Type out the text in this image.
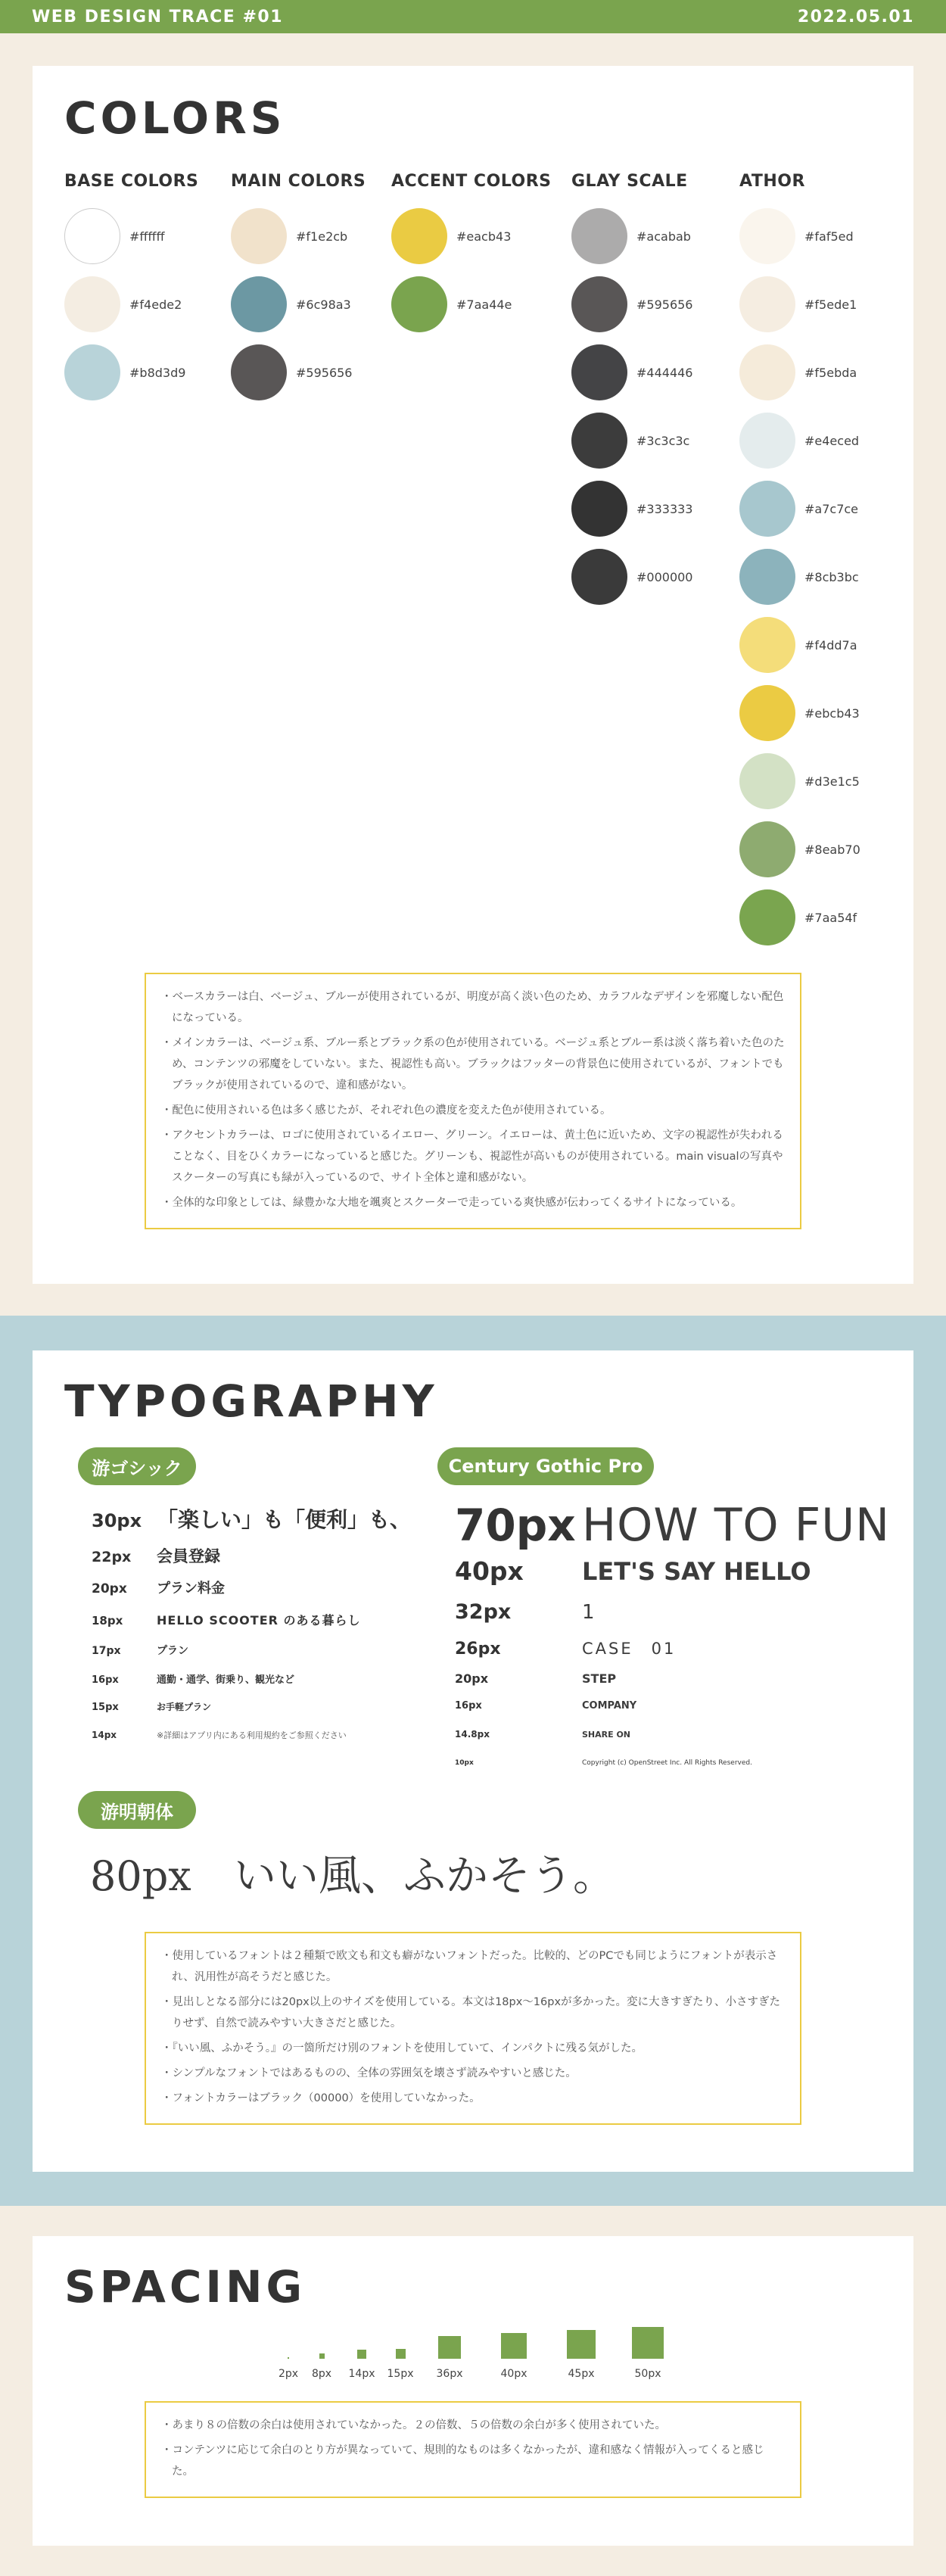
WEB DESIGN TRACE #01	2022.05.01
COLORS
BASE COLORS
#ffffff
#f4ede2
#b8d3d9
MAIN COLORS
#f1e2cb
#6c98a3
#595656
ACCENT COLORS
#eacb43
#7aa44e
GLAY SCALE
#acabab
#595656
#444446
#3c3c3c
#333333
#000000
ATHOR
#faf5ed
#f5ede1
#f5ebda
#e4eced
#a7c7ce
#8cb3bc
#f4dd7a
#ebcb43
#d3e1c5
#8eab70
#7aa54f

・ベースカラーは白、ベージュ、ブルーが使用されているが、明度が高く淡い色のため、カラフルなデザインを邪魔しない配色になっている。

・メインカラーは、ベージュ系、ブルー系とブラック系の色が使用されている。ベージュ系とブルー系は淡く落ち着いた色のため、コンテンツの邪魔をしていない。また、視認性も高い。ブラックはフッターの背景色に使用されているが、フォントでもブラックが使用されているので、違和感がない。

・配色に使用されいる色は多く感じたが、それぞれ色の濃度を変えた色が使用されている。

・アクセントカラーは、ロゴに使用されているイエロー、グリーン。イエローは、黄土色に近いため、文字の視認性が失われることなく、目をひくカラーになっていると感じた。グリーンも、視認性が高いものが使用されている。main visualの写真やスクーターの写真にも緑が入っているので、サイト全体と違和感がない。

・全体的な印象としては、緑豊かな大地を颯爽とスクーターで走っている爽快感が伝わってくるサイトになっている。

TYPOGRAPHY
游ゴシック
30px 「楽しい」も「便利」も、
22px	会員登録
20px	プラン料金
18px	HELLO SCOOTER のある暮らし
17px	プラン
16px	通勤・通学、街乗り、観光など
15px	お手軽プラン
14px	※詳細はアプリ内にある利用規約をご参照ください
Century Gothic Pro
70px HOW TO FUN
40px	LET'S SAY HELLO
32px	1
26px	CASE　01
20px	STEP
16px	COMPANY
14.8px	SHARE ON
10px	Copyright (c) OpenStreet Inc. All Rights Reserved.
游明朝体
80px	いい風、ふかそう。

・使用しているフォントは２種類で欧文も和文も癖がないフォントだった。比較的、どのPCでも同じようにフォントが表示され、汎用性が高そうだと感じた。

・見出しとなる部分には20px以上のサイズを使用している。本文は18px〜16pxが多かった。変に大きすぎたり、小さすぎたりせず、自然で読みやすい大きさだと感じた。

・『いい風、ふかそう。』の一箇所だけ別のフォントを使用していて、インパクトに残る気がした。

・シンプルなフォントではあるものの、全体の雰囲気を壊さず読みやすいと感じた。

・フォントカラーはブラック（00000）を使用していなかった。

SPACING
2px	8px	14px	15px	36px	40px	45px	50px

・あまり８の倍数の余白は使用されていなかった。２の倍数、５の倍数の余白が多く使用されていた。

・コンテンツに応じて余白のとり方が異なっていて、規則的なものは多くなかったが、違和感なく情報が入ってくると感じた。
